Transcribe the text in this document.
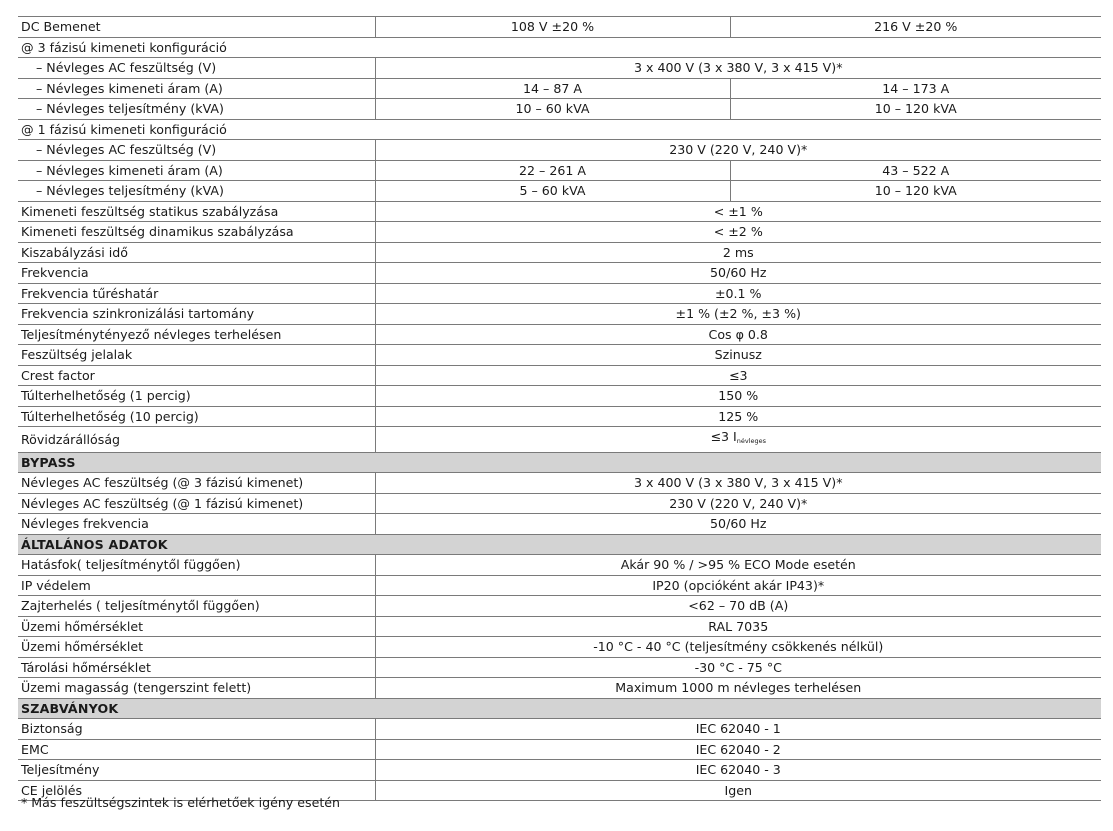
DC Bemenet	108 V ±20 %	216 V ±20 %
@ 3 fázisú kimeneti konfiguráció		
– Névleges AC feszültség (V)	3 x 400 V (3 x 380 V, 3 x 415 V)*	
– Névleges kimeneti áram (A)	14 – 87 A	14 – 173 A
– Névleges teljesítmény (kVA)	10 – 60 kVA	10 – 120 kVA
@ 1 fázisú kimeneti konfiguráció		
– Névleges AC feszültség (V)	230 V (220 V, 240 V)*	
– Névleges kimeneti áram (A)	22 – 261 A	43 – 522 A
– Névleges teljesítmény (kVA)	5 – 60 kVA	10 – 120 kVA
Kimeneti feszültség statikus szabályzása	< ±1 %	
Kimeneti feszültség dinamikus szabályzása	< ±2 %	
Kiszabályzási idő	2 ms	
Frekvencia	50/60 Hz	
Frekvencia tűréshatár	±0.1 %	
Frekvencia szinkronizálási tartomány	±1 % (±2 %, ±3 %)	
Teljesítménytényező névleges terhelésen	Cos φ 0.8	
Feszültség jelalak	Szinusz	
Crest factor	≤3	
Túlterhelhetőség (1 percig)	150 %	
Túlterhelhetőség (10 percig)	125 %	
Rövidzárállóság	≤3 Inévleges	
BYPASS		
Névleges AC feszültség (@ 3 fázisú kimenet)	3 x 400 V (3 x 380 V, 3 x 415 V)*	
Névleges AC feszültség (@ 1 fázisú kimenet)	230 V (220 V, 240 V)*	
Névleges frekvencia	50/60 Hz	
ÁLTALÁNOS ADATOK		
Hatásfok( teljesítménytől függően)	Akár 90 % / >95 % ECO Mode esetén	
IP védelem	IP20 (opcióként akár IP43)*	
Zajterhelés ( teljesítménytől függően)	<62 – 70 dB (A)	
Üzemi hőmérséklet	RAL 7035	
Üzemi hőmérséklet	-10 °C - 40 °C (teljesítmény csökkenés nélkül)	
Tárolási hőmérséklet	-30 °C - 75 °C	
Üzemi magasság (tengerszint felett)	Maximum 1000 m névleges terhelésen	
SZABVÁNYOK		
Biztonság	IEC 62040 - 1	
EMC	IEC 62040 - 2	
Teljesítmény	IEC 62040 - 3	
CE jelölés	Igen	
* Más feszültségszintek is elérhetőek igény esetén
